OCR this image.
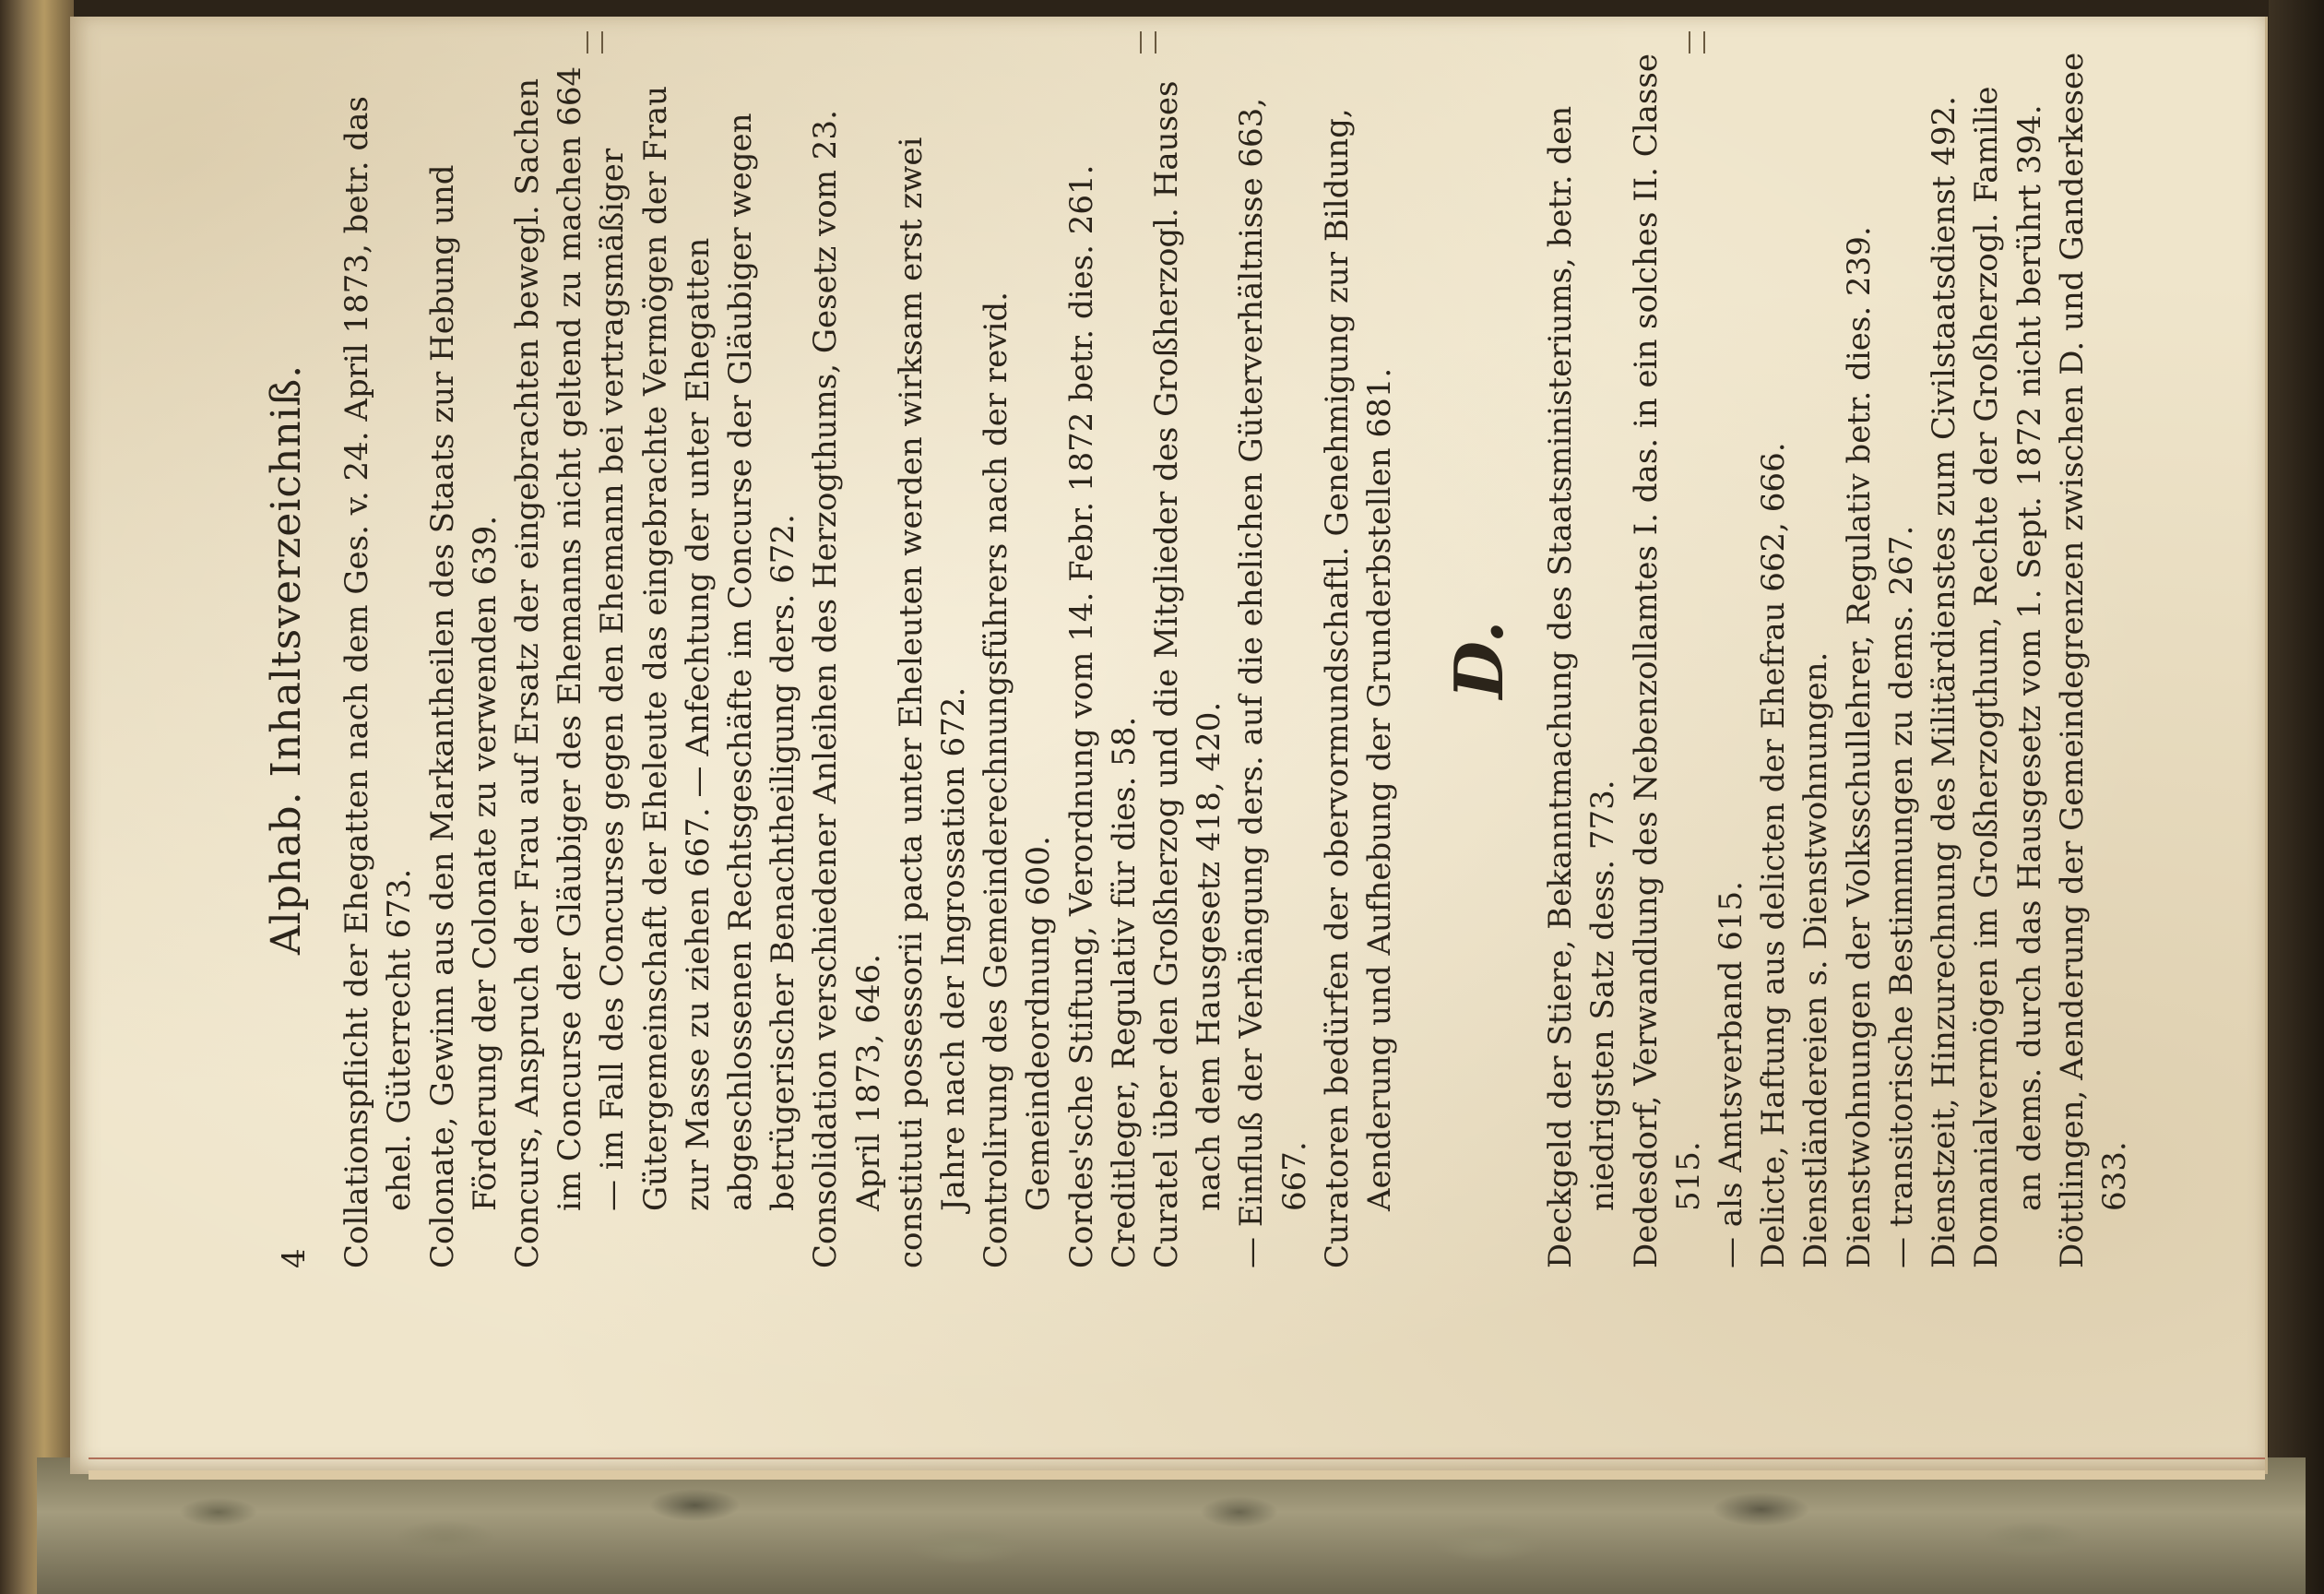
4
Alphab. Inhaltsverzeichniß. Collationspflicht der Ehegatten nach dem Ges. v. 24. April 1873, betr. das ehel. Güterrecht 673. Colonate, Gewinn aus den Markantheilen des Staats zur Hebung und Förderung der Colonate zu verwenden 639. Concurs, Anspruch der Frau auf Ersatz der eingebrachten bewegl. Sachen im Concurse der Gläubiger des Ehemanns nicht geltend zu machen 664 — im Fall des Concurses gegen den Ehemann bei vertragsmäßiger Gütergemeinschaft der Eheleute das eingebrachte Vermögen der Frau zur Masse zu ziehen 667. — Anfechtung der unter Ehegatten abgeschlossenen Rechtsgeschäfte im Concurse der Gläubiger wegen betrügerischer Benachtheiligung ders. 672. Consolidation verschiedener Anleihen des Herzogthums, Gesetz vom 23. April 1873, 646. constituti possessorii pacta unter Eheleuten werden wirksam erst zwei Jahre nach der Ingrossation 672. Controlirung des Gemeinderechnungsführers nach der revid. Gemeindeordnung 600. Cordes'sche Stiftung, Verordnung vom 14. Febr. 1872 betr. dies. 261. Creditleger, Regulativ für dies. 58. Curatel über den Großherzog und die Mitglieder des Großherzogl. Hauses nach dem Hausgesetz 418, 420. — Einfluß der Verhängung ders. auf die ehelichen Güterverhältnisse 663, 667. Curatoren bedürfen der obervormundschaftl. Genehmigung zur Bildung, Aenderung und Aufhebung der Grunderbstellen 681. D. Deckgeld der Stiere, Bekanntmachung des Staatsministeriums, betr. den niedrigsten Satz dess. 773. Dedesdorf, Verwandlung des Nebenzollamtes I. das. in ein solches II. Classe 515. — als Amtsverband 615. Delicte, Haftung aus delicten der Ehefrau 662, 666. Dienstländereien s. Dienstwohnungen. Dienstwohnungen der Volksschullehrer, Regulativ betr. dies. 239. — transitorische Bestimmungen zu dems. 267. Dienstzeit, Hinzurechnung des Militärdienstes zum Civilstaatsdienst 492. Domanialvermögen im Großherzogthum, Rechte der Großherzogl. Familie an dems. durch das Hausgesetz vom 1. Sept. 1872 nicht berührt 394. Döttlingen, Aenderung der Gemeindegrenzen zwischen D. und Ganderkesee 633.
